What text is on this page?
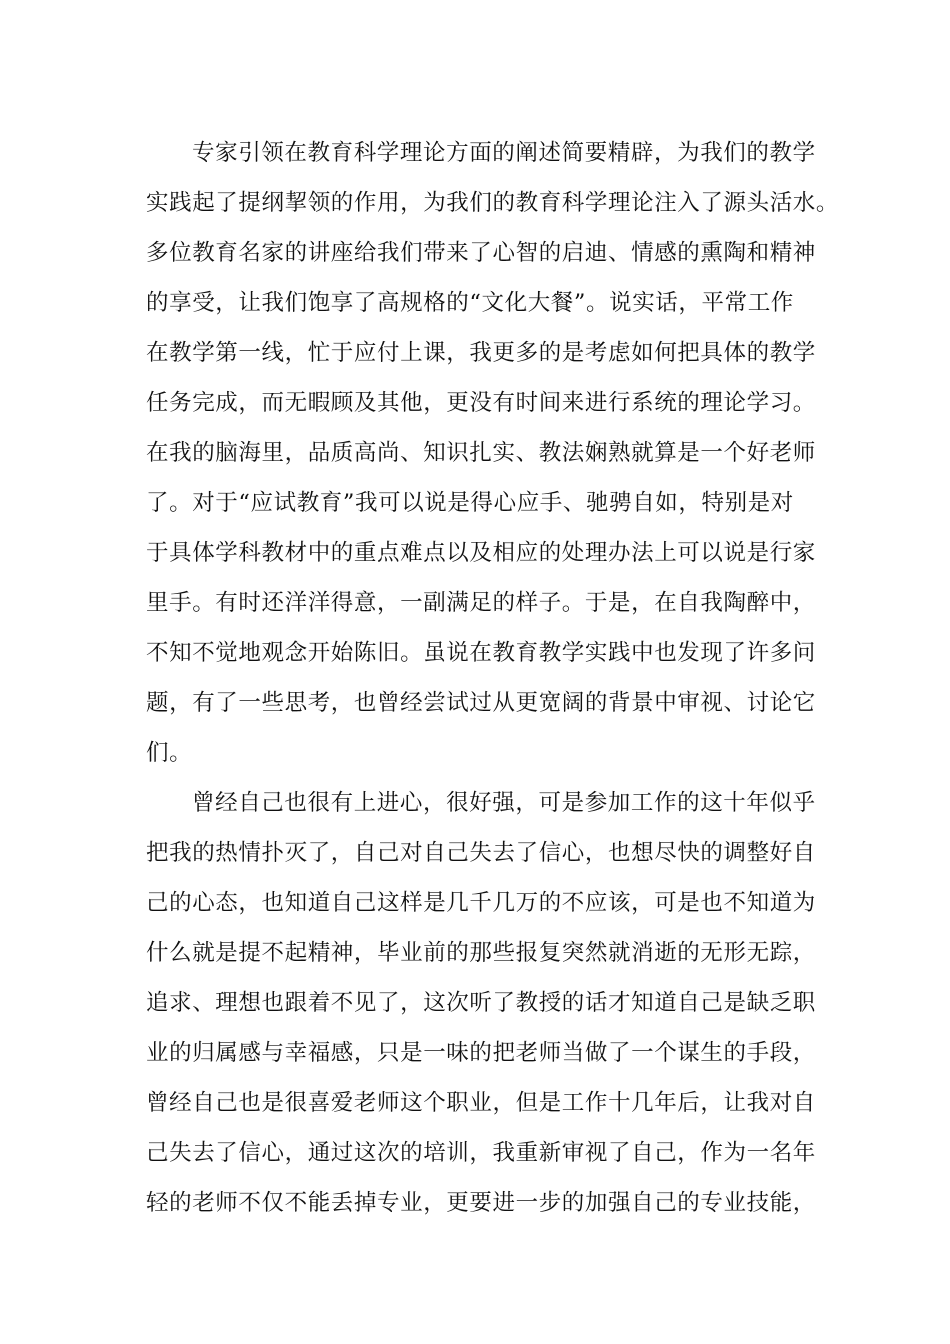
专家引领在教育科学理论方面的阐述简要精辟，为我们的教学
实践起了提纲挈领的作用，为我们的教育科学理论注入了源头活水。
多位教育名家的讲座给我们带来了心智的启迪、情感的熏陶和精神
的享受，让我们饱享了高规格的“文化大餐”。说实话，平常工作
在教学第一线，忙于应付上课，我更多的是考虑如何把具体的教学
任务完成，而无暇顾及其他，更没有时间来进行系统的理论学习。
在我的脑海里，品质高尚、知识扎实、教法娴熟就算是一个好老师
了。对于“应试教育”我可以说是得心应手、驰骋自如，特别是对
于具体学科教材中的重点难点以及相应的处理办法上可以说是行家
里手。有时还洋洋得意，一副满足的样子。于是，在自我陶醉中，
不知不觉地观念开始陈旧。虽说在教育教学实践中也发现了许多问
题，有了一些思考，也曾经尝试过从更宽阔的背景中审视、讨论它
们。
曾经自己也很有上进心，很好强，可是参加工作的这十年似乎
把我的热情扑灭了，自己对自己失去了信心，也想尽快的调整好自
己的心态，也知道自己这样是几千几万的不应该，可是也不知道为
什么就是提不起精神，毕业前的那些报复突然就消逝的无形无踪，
追求、理想也跟着不见了，这次听了教授的话才知道自己是缺乏职
业的归属感与幸福感，只是一味的把老师当做了一个谋生的手段，
曾经自己也是很喜爱老师这个职业，但是工作十几年后，让我对自
己失去了信心，通过这次的培训，我重新审视了自己，作为一名年
轻的老师不仅不能丢掉专业，更要进一步的加强自己的专业技能，
